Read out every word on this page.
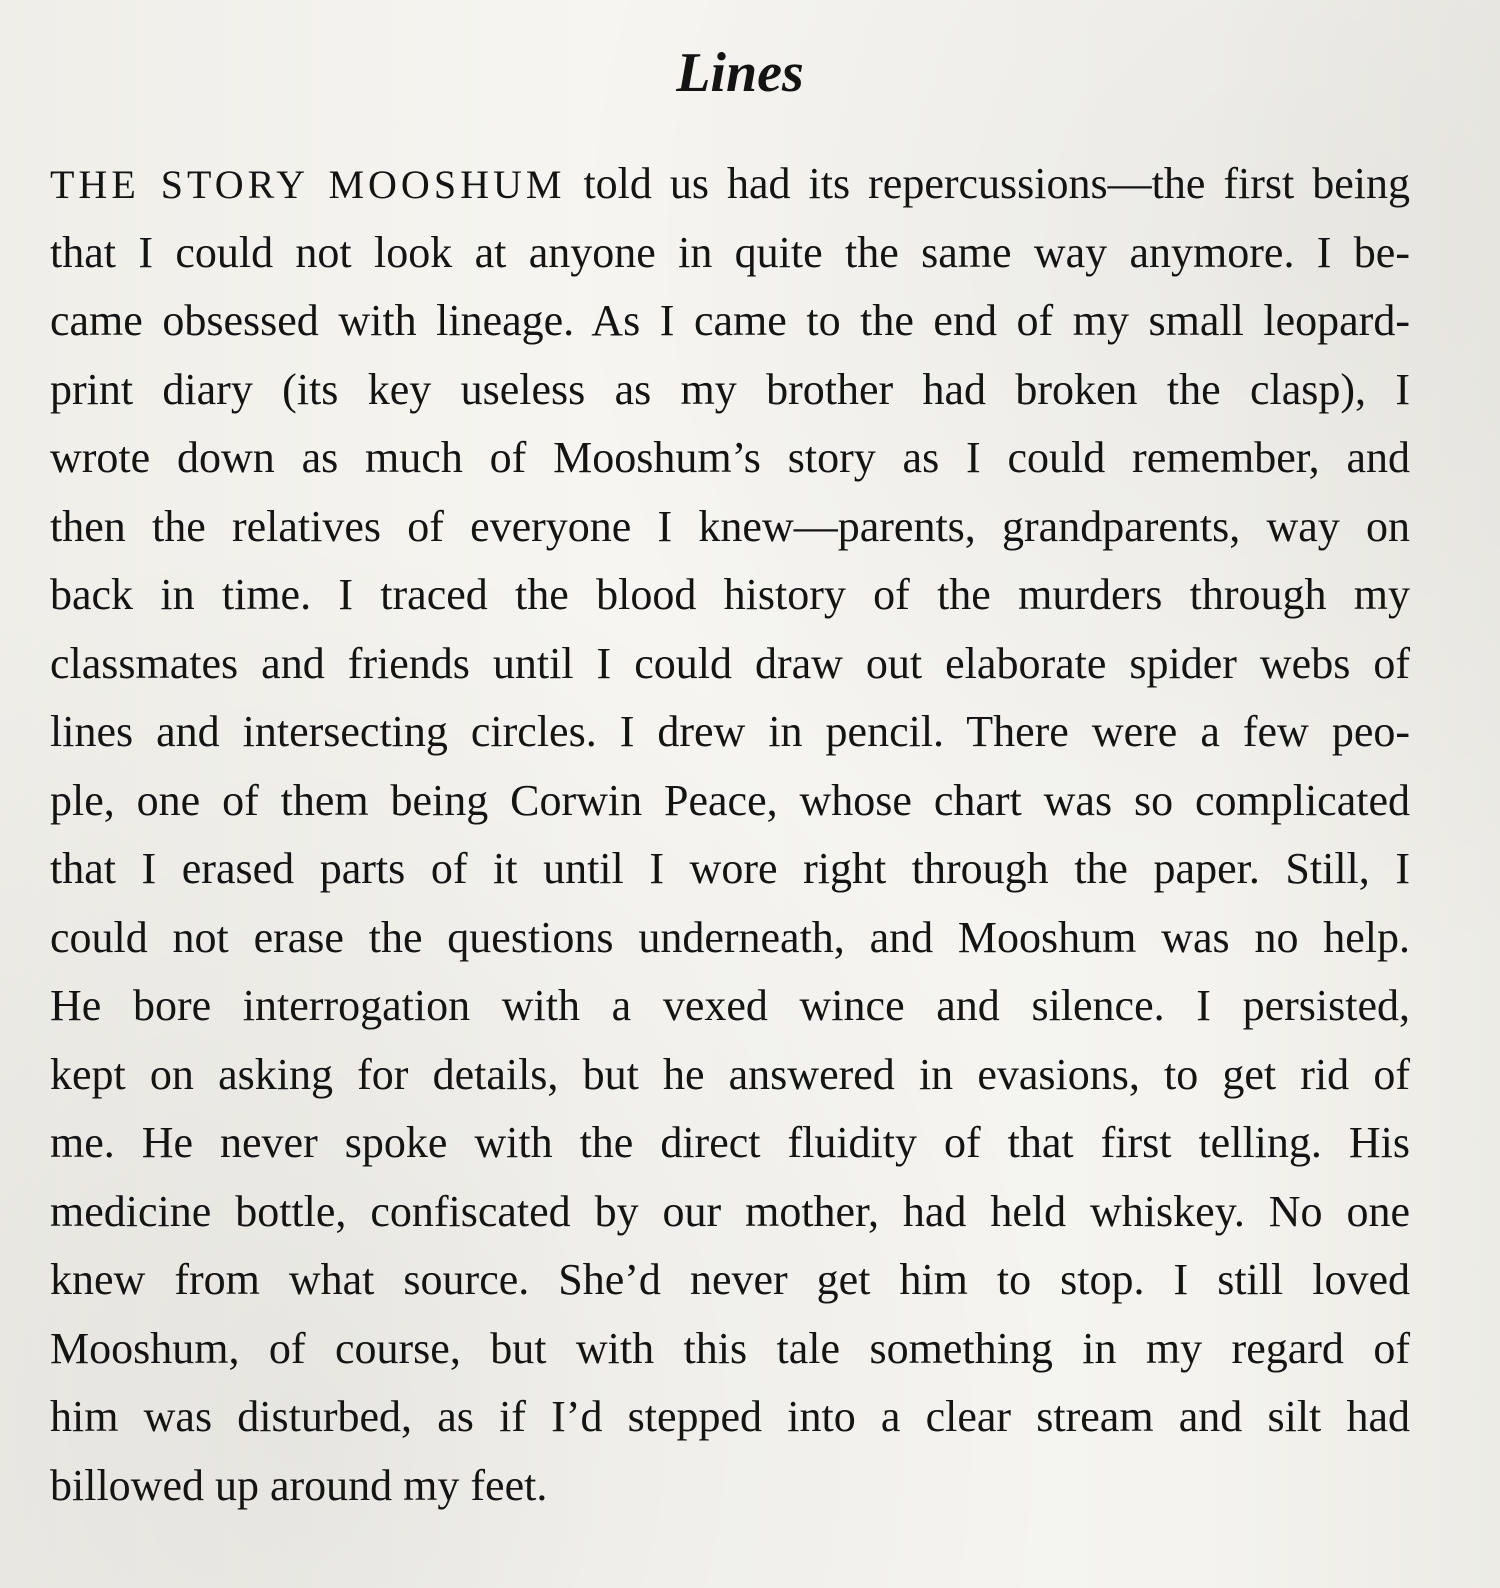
Lines
THE STORY MOOSHUM told us had its repercussions—the first being
that I could not look at anyone in quite the same way anymore. I be-
came obsessed with lineage. As I came to the end of my small leopard-
print diary (its key useless as my brother had broken the clasp), I
wrote down as much of Mooshum’s story as I could remember, and
then the relatives of everyone I knew—parents, grandparents, way on
back in time. I traced the blood history of the murders through my
classmates and friends until I could draw out elaborate spider webs of
lines and intersecting circles. I drew in pencil. There were a few peo-
ple, one of them being Corwin Peace, whose chart was so complicated
that I erased parts of it until I wore right through the paper. Still, I
could not erase the questions underneath, and Mooshum was no help.
He bore interrogation with a vexed wince and silence. I persisted,
kept on asking for details, but he answered in evasions, to get rid of
me. He never spoke with the direct fluidity of that first telling. His
medicine bottle, confiscated by our mother, had held whiskey. No one
knew from what source. She’d never get him to stop. I still loved
Mooshum, of course, but with this tale something in my regard of
him was disturbed, as if I’d stepped into a clear stream and silt had
billowed up around my feet.
